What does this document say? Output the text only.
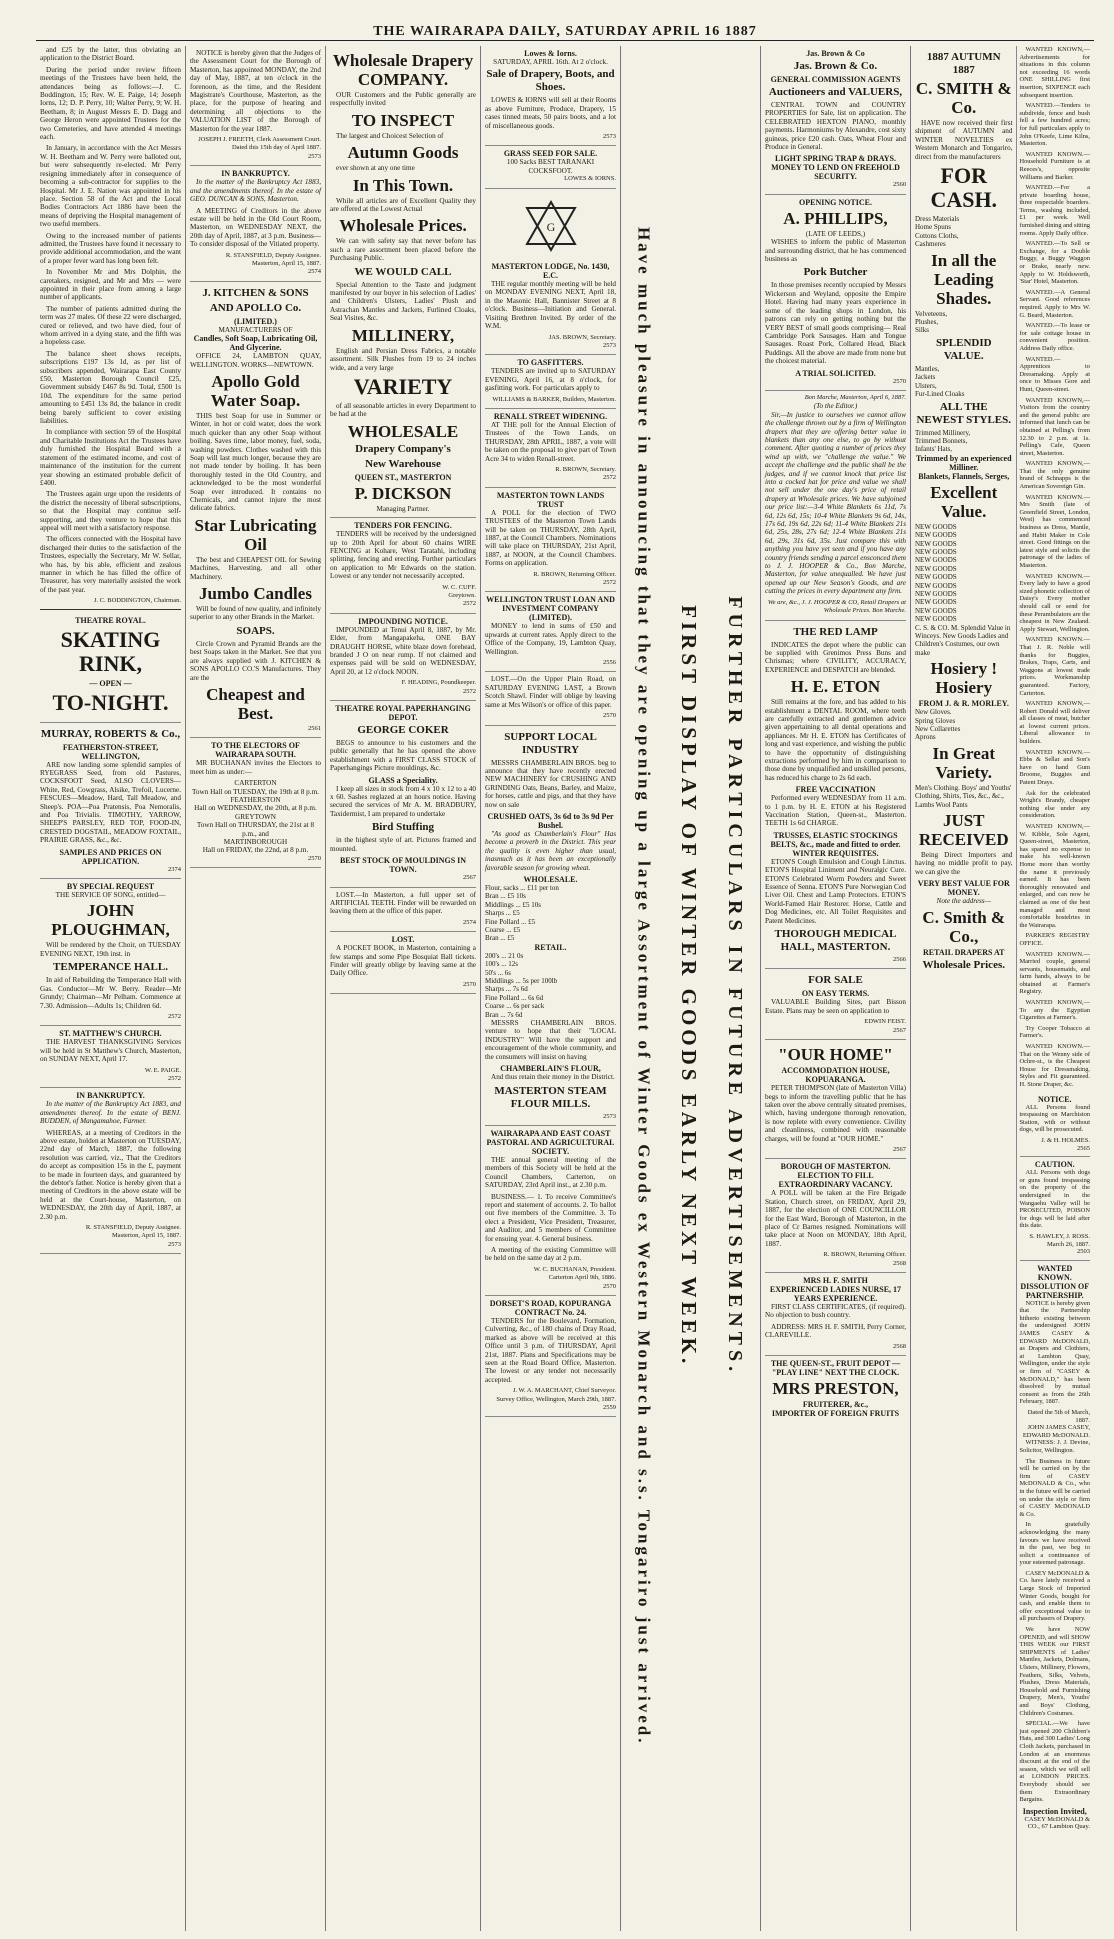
THE WAIRARAPA DAILY, SATURDAY APRIL 16 1887

and £25 by the latter, thus obviating an application to the District Board.

During the period under review fifteen meetings of the Trustees have been held, the attendances being as follows:—J. C. Boddington, 15; Rev. W. E. Paige, 14; Joseph Iorns, 12; D. P. Perry, 10; Walter Perry, 9; W. H. Beetham, 8; in August Messrs E. D. Dagg and George Heron were appointed Trustees for the two Cemeteries, and have attended 4 meetings each.

In January, in accordance with the Act Messrs W. H. Beetham and W. Perry were balloted out, but were subsequently re-elected. Mr Perry resigning immediately after in consequence of becoming a sub-contractor for supplies to the Hospital. Mr J. E. Nation was appointed in his place. Section 58 of the Act and the Local Bodies Contractors Act 1886 have been the means of depriving the Hospital management of two useful members.

Owing to the increased number of patients admitted, the Trustees have found it necessary to provide additional accommodation, and the want of a proper fever ward has long been felt.

In November Mr and Mrs Dolphin, the caretakers, resigned, and Mr and Mrs — were appointed in their place from among a large number of applicants.

The number of patients admitted during the term was 27 males. Of these 22 were discharged, cured or relieved, and two have died, four of whom arrived in a dying state, and the fifth was a hopeless case.

The balance sheet shows receipts, subscriptions £197 13s 1d, as per list of subscribers appended, Wairarapa East County £50, Masterton Borough Council £25, Government subsidy £467 8s 9d. Total, £500 1s 10d. The expenditure for the same period amounting to £451 13s 8d, the balance in credit being barely sufficient to cover existing liabilities.

In compliance with section 59 of the Hospital and Charitable Institutions Act the Trustees have duly furnished the Hospital Board with a statement of the estimated income, and cost of maintenance of the institution for the current year showing an estimated probable deficit of £400.

The Trustees again urge upon the residents of the district the necessity of liberal subscriptions, so that the Hospital may continue self-supporting, and they venture to hope that this appeal will meet with a satisfactory response.

The officers connected with the Hospital have discharged their duties to the satisfaction of the Trustees, especially the Secretary, Mr W. Sellar, who has, by his able, efficient and zealous manner in which he has filled the office of Treasurer, has very materially assisted the work of the past year.

J. C. BODDINGTON, Chairman.

THEATRE ROYAL.
SKATING RINK,
— OPEN —
TO-NIGHT.
MURRAY, ROBERTS & Co.,
FEATHERSTON-STREET, WELLINGTON,

ARE now landing some splendid samples of RYEGRASS Seed, from old Pastures, COCKSFOOT Seed, ALSO CLOVERS—White, Red, Cowgrass, Alsike, Trefoil, Lucerne. FESCUES—Meadow, Hard, Tall Meadow, and Sheep's. POA—Poa Pratensis, Poa Nemoralis, and Poa Trivialis. TIMOTHY, YARROW, SHEEP'S PARSLEY, RED TOP, FOOD-IN, CRESTED DOGSTAIL, MEADOW FOXTAIL, PRAIRIE GRASS, &c., &c.

SAMPLES AND PRICES ON APPLICATION.
2374
BY SPECIAL REQUEST
THE SERVICE OF SONG, entitled—
JOHN PLOUGHMAN,

Will be rendered by the Choir, on TUESDAY EVENING NEXT, 19th inst. in

TEMPERANCE HALL.

In aid of Rebuilding the Temperance Hall with Gas. Conductor—Mr W. Berry. Reader—Mr Grundy; Chairman—Mr Pelham. Commence at 7.30. Admission—Adults 1s; Children 6d.

2572
ST. MATTHEW'S CHURCH.

THE HARVEST THANKSGIVING Services will be held in St Matthew's Church, Masterton, on SUNDAY NEXT, April 17.

W. E. PAIGE.
2572
IN BANKRUPTCY.

In the matter of the Bankruptcy Act 1883, and amendments thereof. In the estate of BENJ. BUDDEN, of Mangamahoe, Farmer.

WHEREAS, at a meeting of Creditors in the above estate, holden at Masterton on TUESDAY, 22nd day of March, 1887, the following resolution was carried, viz., That the Creditors do accept as composition 15s in the £, payment to be made in fourteen days, and guaranteed by the debtor's father. Notice is hereby given that a meeting of Creditors in the above estate will be held at the Court-house, Masterton, on WEDNESDAY, the 20th day of April, 1887, at 2.30 p.m.

R. STANSFIELD, Deputy Assignee.
Masterton, April 15, 1887.
2573

NOTICE is hereby given that the Judges of the Assessment Court for the Borough of Masterton, has appointed MONDAY, the 2nd day of May, 1887, at ten o'clock in the forenoon, as the time, and the Resident Magistrate's Courthouse, Masterton, as the place, for the purpose of hearing and determining all objections to the VALUATION LIST of the Borough of Masterton for the year 1887.

JOSEPH J. FREETH, Clerk Assessment Court.
Dated this 15th day of April 1887.
2573
IN BANKRUPTCY.

In the matter of the Bankruptcy Act 1883, and the amendments thereof. In the estate of GEO. DUNCAN & SONS, Masterton.

A MEETING of Creditors in the above estate will be held in the Old Court Room, Masterton, on WEDNESDAY NEXT, the 20th day of April, 1887, at 3 p.m. Business—To consider disposal of the Vitiated property.

R. STANSFIELD, Deputy Assignee.
Masterton, April 15, 1887.
2574
J. KITCHEN & SONS
AND APOLLO Co.
(LIMITED.)
MANUFACTURERS OF
Candles, Soft Soap, Lubricating Oil, And Glycerine.

OFFICE 24, LAMBTON QUAY, WELLINGTON. WORKS—NEWTOWN.

Apollo Gold Water Soap.

THIS best Soap for use in Summer or Winter, in hot or cold water, does the work much quicker than any other Soap without boiling. Saves time, labor money, fuel, soda, washing powders. Clothes washed with this Soap will last much longer, because they are not made tender by boiling. It has been thoroughly tested in the Old Country, and acknowledged to be the most wonderful Soap ever introduced. It contains no Chemicals, and cannot injure the most delicate fabrics.

Star Lubricating Oil

The best and CHEAPEST OIL for Sewing Machines, Harvesting, and all other Machinery.

Jumbo Candles

Will be found of new quality, and infinitely superior to any other Brands in the Market.

SOAPS.

Circle Crown and Pyramid Brands are the best Soaps taken in the Market. See that you are always supplied with J. KITCHEN & SONS APOLLO CO.'S Manufactures. They are the

Cheapest and Best.
2561
TO THE ELECTORS OF WAIRARAPA SOUTH.

MR BUCHANAN invites the Electors to meet him as under:—

CARTERTON
Town Hall on TUESDAY, the 19th at 8 p.m.
FEATHERSTON
Hall on WEDNESDAY, the 20th, at 8 p.m.
GREYTOWN
Town Hall on THURSDAY, the 21st at 8 p.m., and
MARTINBOROUGH
Hall on FRIDAY, the 22nd, at 8 p.m.
2570
Wholesale Drapery COMPANY.

OUR Customers and the Public generally are respectfully invited

TO INSPECT

The largest and Choicest Selection of

Autumn Goods

ever shown at any one time

In This Town.

While all articles are of Excellent Quality they are offered at the Lowest Actual

Wholesale Prices.

We can with safety say that never before has such a rare assortment been placed before the Purchasing Public.

WE WOULD CALL

Special Attention to the Taste and judgment manifested by our buyer in his selection of Ladies' and Children's Ulsters, Ladies' Plush and Astrachan Mantles and Jackets, Furlined Cloaks, Seal Visites, &c.

MILLINERY,

English and Persian Dress Fabrics, a notable assortment. Silk Plushes from 19 to 24 inches wide, and a very large

VARIETY

of all seasonable articles in every Department to be had at the

WHOLESALE
Drapery Company's
New Warehouse
QUEEN ST., MASTERTON
P. DICKSON
Managing Partner.
TENDERS FOR FENCING.

TENDERS will be received by the undersigned up to 20th April for about 60 chains WIRE FENCING at Kohare, West Taratahi, including splitting, fencing and erecting. Further particulars on application to Mr Edwards on the station. Lowest or any tender not necessarily accepted.

W. C. CUFF.
Greytown.
2572
IMPOUNDING NOTICE.

IMPOUNDED at Tenui April 8, 1887, by Mr. Elder, from Mangapakeha, ONE BAY DRAUGHT HORSE, white blaze down forehead, branded J O on near rump. If not claimed and expenses paid will be sold on WEDNESDAY, April 20, at 12 o'clock NOON.

F. HEADING, Poundkeeper.
2572
THEATRE ROYAL PAPERHANGING DEPOT.
GEORGE COKER

BEGS to announce to his customers and the public generally that he has opened the above establishment with a FIRST CLASS STOCK of Paperhangings Picture mouldings, &c.

GLASS a Speciality.

I keep all sizes in stock from 4 x 10 x 12 to a 40 x 60. Sashes reglazed at an hours notice. Having secured the services of Mr A. M. BRADBURY, Taxidermist, I am prepared to undertake

Bird Stuffing

in the highest style of art. Pictures framed and mounted.

BEST STOCK OF MOULDINGS IN TOWN.
2567

LOST.—In Masterton, a full upper set of ARTIFICIAL TEETH. Finder will be rewarded on leaving them at the office of this paper.

2574
LOST.

A POCKET BOOK, in Masterton, containing a few stamps and some Pipe Bosquiat Ball tickets. Finder will greatly oblige by leaving same at the Daily Office.

2570
Lowes & Iorns.
SATURDAY, APRIL 16th. At 2 o'clock.
Sale of Drapery, Boots, and Shoes.

LOWES & IORNS will sell at their Rooms as above Furniture, Produce, Drapery, 15 cases tinned meats, 50 pairs boots, and a lot of miscellaneous goods.

2573
GRASS SEED FOR SALE.
100 Sacks BEST TARANAKI COCKSFOOT.
LOWES & IORNS.
G
MASTERTON LODGE, No. 1430, E.C.

THE regular monthly meeting will be held on MONDAY EVENING NEXT, April 18, in the Masonic Hall, Bannister Street at 8 o'clock. Business—Initiation and General. Visiting Brethren Invited. By order of the W.M.

JAS. BROWN, Secretary.
2573
TO GASFITTERS.

TENDERS are invited up to SATURDAY EVENING, April 16, at 8 o'clock, for gasfitting work. For particulars apply to

WILLIAMS & BARKER, Builders, Masterton.
RENALL STREET WIDENING.

AT THE poll for the Annual Election of Trustees of the Town Lands, on THURSDAY, 28th APRIL, 1887, a vote will be taken on the proposal to give part of Town Acre 34 to widen Renall-street.

R. BROWN, Secretary.
2572
MASTERTON TOWN LANDS TRUST

A POLL for the election of TWO TRUSTEES of the Masterton Town Lands will be taken on THURSDAY, 28th April, 1887, at the Council Chambers. Nominations will take place on THURSDAY, 21st April, 1887, at NOON, at the Council Chambers. Forms on application.

R. BROWN, Returning Officer.
2572
WELLINGTON TRUST LOAN AND INVESTMENT COMPANY (LIMITED).

MONEY to lend in sums of £50 and upwards at current rates. Apply direct to the Office of the Company, 19, Lambton Quay, Wellington.

2556

LOST.—On the Upper Plain Road, on SATURDAY EVENING LAST, a Brown Scotch Shawl. Finder will oblige by leaving same at Mrs Wilson's or office of this paper.

2570
SUPPORT LOCAL INDUSTRY

MESSRS CHAMBERLAIN BROS. beg to announce that they have recently erected NEW MACHINERY for CRUSHING AND GRINDING Oats, Beans, Barley, and Maize, for horses, cattle and pigs, and that they have now on sale

CRUSHED OATS, 3s 6d to 3s 9d Per Bushel.

"As good as Chamberlain's Flour" Has become a proverb in the District. This year the quality is even higher than usual, inasmuch as it has been an exceptionally favorable season for growing wheat.

WHOLESALE.
Flour, sacks ... £11 per ton
Bran ... £5 10s
Middlings ... £5 10s
Sharps ... £5
Fine Pollard ... £5
Coarse ... £5
Bran ... £5
RETAIL.
200's ... 21 0s
100's ... 12s
50's ... 6s
Middlings ... 5s per 100lb
Sharps ... 7s 6d
Fine Pollard ... 6s 6d
Coarse ... 6s per sack
Bran ... 7s 6d

MESSRS CHAMBERLAIN BROS. venture to hope that their "LOCAL INDUSTRY" Will have the support and encouragement of the whole community, and the consumers will insist on having

CHAMBERLAIN'S FLOUR,

And thus retain their money in the District.

MASTERTON STEAM FLOUR MILLS.
2573
WAIRARAPA AND EAST COAST PASTORAL AND AGRICULTURAL SOCIETY.

THE annual general meeting of the members of this Society will be held at the Council Chambers, Carterton, on SATURDAY, 23rd April inst., at 2.30 p.m.

BUSINESS.— 1. To receive Committee's report and statement of accounts. 2. To ballot out five members of the Committee. 3. To elect a President, Vice President, Treasurer, and Auditor, and 5 members of Committee for ensuing year. 4. General business.

A meeting of the existing Committee will be held on the same day at 2 p.m.

W. C. BUCHANAN, President.
Carterton April 9th, 1886.
2570
DORSET'S ROAD, KOPURANGA CONTRACT No. 24.

TENDERS for the Boulevard, Formation, Culverting, &c., of 180 chains of Dray Road, marked as above will be received at this Office until 3 p.m. of THURSDAY, April 21st, 1887. Plans and Specifications may be seen at the Road Board Office, Masterton. The lowest or any tender not necessarily accepted.

J. W. A. MARCHANT, Chief Surveyor.
Survey Office, Wellington, March 29th, 1887.
2559 Have much pleasure in announcing that they are opening up a large Assortment of Winter Goods ex Western Monarch and s.s. Tongariro just arrived. FIRST DISPLAY OF WINTER GOODS EARLY NEXT WEEK. FURTHER PARTICULARS IN FUTURE ADVERTISEMENTS.
Jas. Brown & Co
Jas. Brown & Co.
GENERAL COMMISSION AGENTS
Auctioneers and VALUERS,

CENTRAL TOWN and COUNTRY PROPERTIES for Sale, list on application. The CELEBRATED HEXTON PIANO, monthly payments. Harmoniums by Alexandre, cost sixty guineas, price £20 cash. Oats, Wheat Flour and Produce in General.

LIGHT SPRING TRAP & DRAYS.
MONEY TO LEND ON FREEHOLD SECURITY.
2560
OPENING NOTICE.
A. PHILLIPS,
(LATE OF LEEDS,)

WISHES to inform the public of Masterton and surrounding district, that he has commenced business as

Pork Butcher

In those premises recently occupied by Messrs Wickerson and Weyland, opposite the Empire Hotel. Having had many years experience in some of the leading shops in London, his patrons can rely on getting nothing but the VERY BEST of small goods comprising— Real Cambridge Pork Sausages. Ham and Tongue Sausages. Roast Pork, Collared Head, Black Puddings. All the above are made from none but the choicest material.

A TRIAL SOLICITED.
2570
Bon Marche, Masterton, April 6, 1887.
(To the Editor.)

Sir,—In justice to ourselves we cannot allow the challenge thrown out by a firm of Wellington drapers that they are offering better value in blankets than any one else, to go by without comment. After quoting a number of prices they wind up with, we "challenge the value." We accept the challenge and the public shall be the judges, and if we cannot knock that price list into a cocked hat for price and value we shall not sell under the one day's price of retail drapery at Wholesale prices. We have subjoined our price list:—3-4 White Blankets 6s 11d, 7s 6d, 12s 6d, 15s; 10-4 White Blankets 9s 6d, 14s, 17s 6d, 19s 6d, 22s 6d; 11-4 White Blankets 21s 6d, 25s, 28s, 27s 6d; 12-4 White Blankets 21s 6d, 29s, 31s 6d, 35s. Just compare this with anything you have yet seen and if you have any country friends sending a parcel ensconced them to J. J. HOOPER & Co., Bon Marche, Masterton, for value unequalled. We have just opened up our New Season's Goods, and are cutting the prices in every department any firm.

We are, &c., J. J. HOOPER & CO, Retail Drapers at Wholesale Prices. Bon Marche.
THE RED LAMP

INDICATES the depot where the public can be supplied with Grenimos Press Buns and Chrismas; where CIVILITY, ACCURACY, EXPERIENCE and DESPATCH are blended.

H. E. ETON

Still remains at the fore, and has added to his establishment a DENTAL ROOM, where teeth are carefully extracted and gentlemen advice given appertaining to all dental operations and appliances. Mr H. E. ETON has Certificates of long and vast experience, and wishing the public to have the opportunity of distinguishing extractions performed by him in comparison to those done by unqualified and unskilled persons, has reduced his charge to 2s 6d each.

FREE VACCINATION

Performed every WEDNESDAY from 11 a.m. to 1 p.m. by H. E. ETON at his Registered Vaccination Station, Queen-st., Masterton. TEETH 1s 6d CHARGE.

TRUSSES, ELASTIC STOCKINGS BELTS, &c., made and fitted to order.
WINTER REQUISITES.

ETON'S Cough Emulsion and Cough Linctus. ETON'S Hospital Liniment and Neuralgic Cure. ETON'S Celebrated Worm Powders and Sweet Essence of Senna. ETON'S Pure Norwegian Cod Liver Oil. Chest and Lamp Protectors. ETON'S World-Famed Hair Restorer. Horse, Cattle and Dog Medicines, etc. All Toilet Requisites and Patent Medicines.

THOROUGH MEDICAL HALL, MASTERTON.
2566
FOR SALE
ON EASY TERMS.

VALUABLE Building Sites, part Bisson Estate. Plans may be seen on application to

EDWIN FEIST.
2567
"OUR HOME"
ACCOMMODATION HOUSE, KOPUARANGA.

PETER THOMPSON (late of Masterton Villa) begs to inform the travelling public that he has taken over the above centrally situated premises, which, having undergone thorough renovation, is now replete with every convenience. Civility and cleanliness, combined with reasonable charges, will be found at "OUR HOME."

2567
BOROUGH OF MASTERTON.
ELECTION TO FILL EXTRAORDINARY VACANCY.

A POLL will be taken at the Fire Brigade Station, Church street, on FRIDAY, April 29, 1887, for the election of ONE COUNCILLOR for the East Ward, Borough of Masterton, in the place of Cr Barnes resigned. Nominations will take place at Noon on MONDAY, 18th April, 1887.

R. BROWN, Returning Officer.
2568
MRS H. F. SMITH
EXPERIENCED LADIES NURSE, 17 YEARS EXPERIENCE.

FIRST CLASS CERTIFICATES, (if required). No objection to bush country.

ADDRESS: MRS H. F. SMITH, Perry Corner, CLAREVILLE.

2568
THE QUEEN-ST., FRUIT DEPOT — "PLAY LINE" NEXT THE CLOCK.
MRS PRESTON,
FRUITERER, &c.,
IMPORTER OF FOREIGN FRUITS
1887 AUTUMN 1887
C. SMITH & Co.

HAVE now received their first shipment of AUTUMN and WINTER NOVELTIES ex Western Monarch and Tongariro, direct from the manufacturers

FOR CASH.
Dress Materials
Home Spuns
Cottons Cloths,
Cashmeres
In all the Leading Shades.
Velveteens,
Plushes,
Silks
SPLENDID VALUE.
Mantles,
Jackets
Ulsters,
Fur-Lined Cloaks
ALL THE NEWEST STYLES.
Trimmed Millinery,
Trimmed Bonnets,
Infants' Hats,
Trimmed by an experienced Milliner.
Blankets, Flannels, Serges,
Excellent Value.
NEW GOODS
NEW GOODS
NEW GOODS
NEW GOODS
NEW GOODS
NEW GOODS
NEW GOODS
NEW GOODS
NEW GOODS
NEW GOODS
NEW GOODS
NEW GOODS
C. S. & CO. M. Splendid Value in Winceys. New Goods Ladies and Children's Costumes, our own make
Hosiery ! Hosiery
FROM J. & R. MORLEY.
New Gloves.
Spring Gloves
New Collarettes
Aprons
In Great Variety.
Men's Clothing. Boys' and Youths' Clothing, Shirts, Ties, &c., &c., Lambs Wool Pants
JUST RECEIVED

Being Direct Importers and having no middle profit to pay, we can give the

VERY BEST VALUE FOR MONEY.
Note the address—
C. Smith & Co.,
RETAIL DRAPERS AT
Wholesale Prices.

WANTED KNOWN,—Advertisements for situations in this column not exceeding 16 words ONE SHILLING first insertion, SIXPENCE each subsequent insertion.

WANTED.—Tenders to subdivide, fence and bush fell a few hundred acres; for full particulars apply to John O'Keefe, Lime Kilns, Masterton.

WANTED KNOWN.—Household Furniture is at Reeces's, opposite Williams and Barker.

WANTED.—For a private boarding house, three respectable boarders. Terms, washing included, £1 per week. Well furnished dining and sitting rooms. Apply Daily office.

WANTED.—To Sell or Exchange, for a Double Buggy, a Buggy Waggon or Brake, nearly new. Apply to W. Holdsworth, 'Star' Hotel, Masterton.

WANTED.—A General Servant. Good references required. Apply to Mrs W. G. Beard, Masterton.

WANTED.—To lease or for sale cottage house in convenient position. Address Daily office.

WANTED.—Apprentices to Dressmaking. Apply at once to Misses Gore and Hunt, Queen-street.

WANTED KNOWN,—Visitors from the country and the general public are informed that lunch can be obtained at Pelling's from 12.30 to 2 p.m. at 1s. Pelling's Cafe, Queen street, Masterton.

WANTED KNOWN,—That the only genuine brand of Schnapps is the American Sovereign Gin.

WANTED KNOWN.—Mrs Smith (late of Greenfield Street, London, West) has commenced business as Dress, Mantle, and Habit Maker in Cole street. Good fittings on the latest style and solicits the patronage of the ladies of Masterton.

WANTED KNOWN.—Every lady to have a good sized phonetic collection of Daisy's Every mother should call or send for these Perambulators are the cheapest in New Zealand. Apply Stewart, Wellington.

WANTED KNOWN.—That J. R. Noble will thanks for Buggies, Brakes, Traps, Carts, and Waggons at lowest trade prices. Workmanship guaranteed. Factory, Carterton.

WANTED KNOWN,—Robert Donald will deliver all classes of meat, butcher at lowest current prices. Liberal allowance to builders.

WANTED KNOWN.—Ebbs & Sellar and Son's have on hand Gum Broome, Buggies and Patent Drays.

Ask for the celebrated Wright's Brandy, cheaper nothing else under any consideration.

WANTED KNOWN,—W. Kibble, Sole Agent, Queen-street, Masterton, has spared no expense to make his well-known Home more than worthy the name it previously earned. It has been thoroughly renovated and enlarged, and can now be claimed as one of the best managed and most comfortable hostelries in the Wairarapa.

PARKER'S REGISTRY OFFICE.

WANTED KNOWN.—Married couple, general servants, housemaids, and farm hands, always to be obtained at Farmer's Registry.

WANTED KNOWN,—To any the Egyptian Cigarettes at Farmer's.

Try Cooper Tobacco at Farmer's.

WANTED KNOWN.—That on the Wenny side of Ochre-st., is the Cheapest House for Dressmaking. Styles and Fit guaranteed. H. Stone Draper, &c.

NOTICE.

ALL Persons found trespassing on Marchiston Station, with or without dogs, will be prosecuted.

J. & H. HOLMES.
2565
CAUTION.

ALL Persons with dogs or guns found trespassing on the property of the undersigned in the Wangaehu Valley will be PROSECUTED, POISON for dogs will be laid after this date.

S. HAWLEY, J. ROSS.
March 26, 1887.
2503
WANTED KNOWN.
DISSOLUTION OF PARTNERSHIP.

NOTICE is hereby given that the Partnership hitherto existing between the undersigned JOHN JAMES CASEY & EDWARD McDONALD, as Drapers and Clothiers, at Lambton Quay, Wellington, under the style or firm of "CASEY & McDONALD," has been dissolved by mutual consent as from the 26th February, 1887.

Dated the 5th of March, 1887.
JOHN JAMES CASEY, EDWARD McDONALD.

WITNESS: J. J. Devine, Solicitor, Wellington.

The Business in future will be carried on by the firm of CASEY McDONALD & Co., who in the future will be carried on under the style or firm of CASEY McDONALD & Co.

In gratefully acknowledging the many favours we have received in the past, we beg to solicit a continuance of your esteemed patronage.

CASEY McDONALD & Co. have lately received a Large Stock of Imported Winter Goods, bought for cash, and enable them to offer exceptional value to all purchasers of Drapery.

We have NOW OPENED, and will SHOW THIS WEEK our FIRST SHIPMENTS of Ladies' Mantles, Jackets, Dolmans, Ulsters, Millinery, Flowers, Feathers, Silks, Velvets, Plushes, Dress Materials, Household and Furnishing Drapery, Men's, Youths' and Boys' Clothing, Children's Costumes.

SPECIAL.—We have just opened 200 Children's Hats, and 300 Ladies' Long Cloth Jackets, purchased in London at an enormous discount at the end of the season, which we will sell at LONDON PRICES. Everybody should see them Extraordinary Bargains.

Inspection Invited,
CASEY McDONALD & CO., 67 Lambton Quay.
